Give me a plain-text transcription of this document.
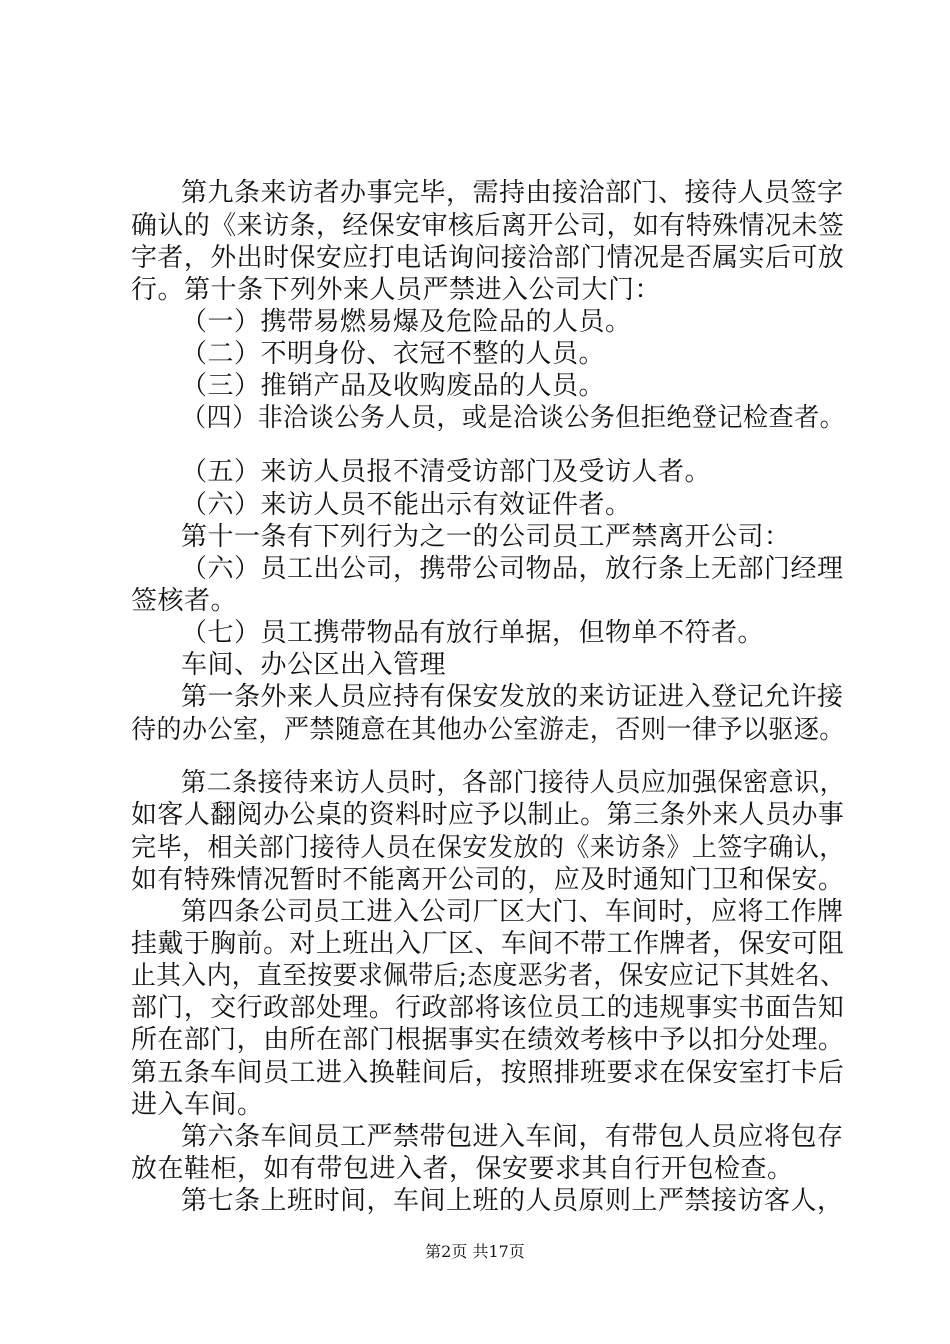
第九条来访者办事完毕，需持由接洽部门、接待人员签字
确认的《来访条，经保安审核后离开公司，如有特殊情况未签
字者，外出时保安应打电话询问接洽部门情况是否属实后可放
行。第十条下列外来人员严禁进入公司大门：
（一）携带易燃易爆及危险品的人员。
（二）不明身份、衣冠不整的人员。
（三）推销产品及收购废品的人员。
（四）非洽谈公务人员，或是洽谈公务但拒绝登记检查者。
（五）来访人员报不清受访部门及受访人者。
（六）来访人员不能出示有效证件者。
第十一条有下列行为之一的公司员工严禁离开公司：
（六）员工出公司，携带公司物品，放行条上无部门经理
签核者。
（七）员工携带物品有放行单据，但物单不符者。
车间、办公区出入管理
第一条外来人员应持有保安发放的来访证进入登记允许接
待的办公室，严禁随意在其他办公室游走，否则一律予以驱逐。
第二条接待来访人员时，各部门接待人员应加强保密意识，
如客人翻阅办公桌的资料时应予以制止。第三条外来人员办事
完毕，相关部门接待人员在保安发放的《来访条》上签字确认，
如有特殊情况暂时不能离开公司的，应及时通知门卫和保安。
第四条公司员工进入公司厂区大门、车间时，应将工作牌
挂戴于胸前。对上班出入厂区、车间不带工作牌者，保安可阻
止其入内，直至按要求佩带后;态度恶劣者，保安应记下其姓名、
部门，交行政部处理。行政部将该位员工的违规事实书面告知
所在部门，由所在部门根据事实在绩效考核中予以扣分处理。
第五条车间员工进入换鞋间后，按照排班要求在保安室打卡后
进入车间。
第六条车间员工严禁带包进入车间，有带包人员应将包存
放在鞋柜，如有带包进入者，保安要求其自行开包检查。
第七条上班时间，车间上班的人员原则上严禁接访客人，
第2页 共17页
